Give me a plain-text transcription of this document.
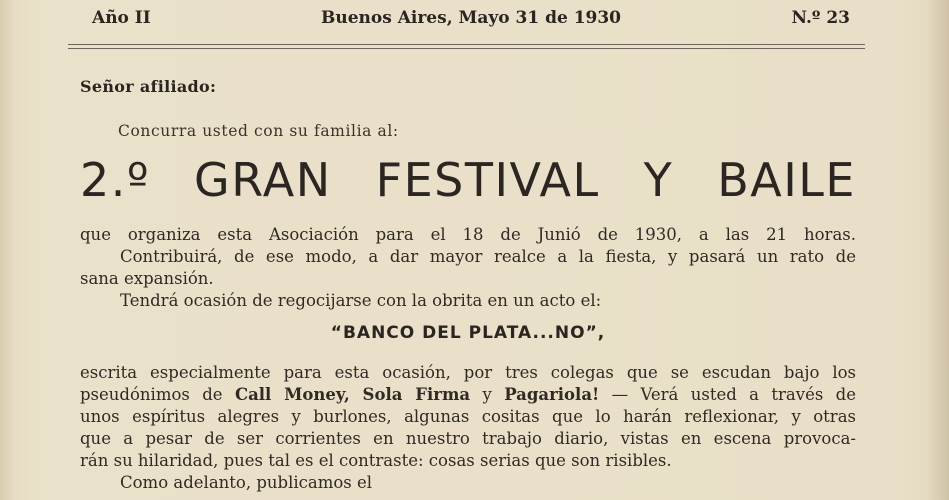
Año II	Buenos Aires, Mayo 31 de 1930	N.º 23
Señor afiliado:
Concurra usted con su familia al:
2.º GRAN FESTIVAL Y BAILE
que organiza esta Asociación para el 18 de Junió de 1930, a las 21 horas.
Contribuirá, de ese modo, a dar mayor realce a la fiesta, y pasará un rato de
sana expansión.
Tendrá ocasión de regocijarse con la obrita en un acto el:
“BANCO DEL PLATA...NO”,
escrita especialmente para esta ocasión, por tres colegas que se escudan bajo los
pseudónimos de Call Money, Sola Firma y Pagariola! — Verá usted a través de
unos espíritus alegres y burlones, algunas cositas que lo harán reflexionar, y otras
que a pesar de ser corrientes en nuestro trabajo diario, vistas en escena provoca-
rán su hilaridad, pues tal es el contraste: cosas serias que son risibles.
Como adelanto, publicamos el
